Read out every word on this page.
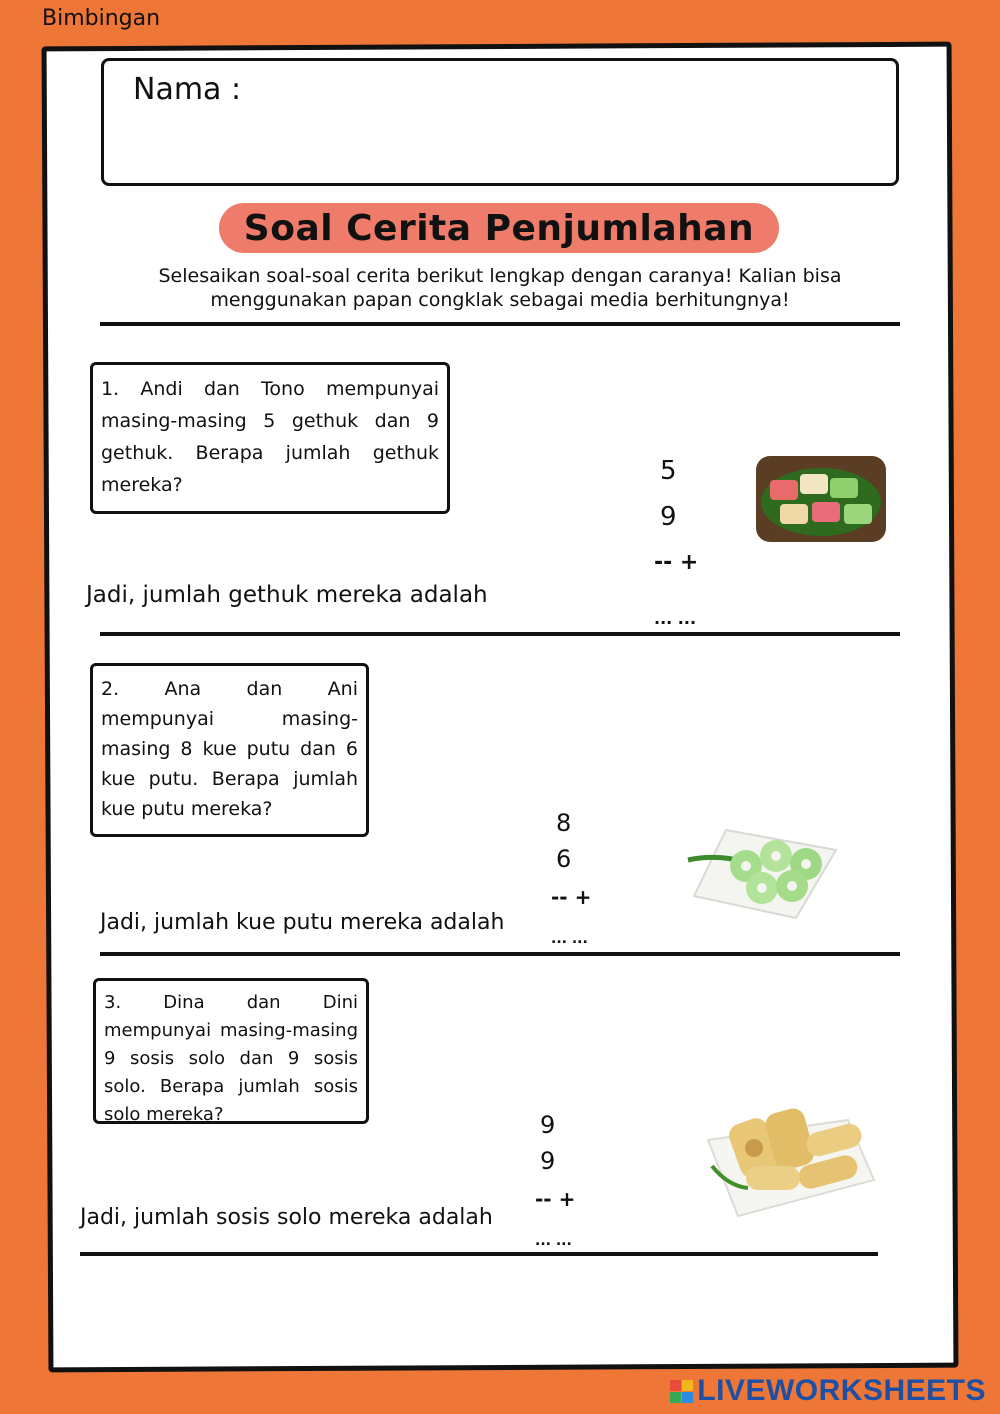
Bimbingan
Nama :
Soal Cerita Penjumlahan
Selesaikan soal-soal cerita berikut lengkap dengan caranya! Kalian bisa menggunakan papan congklak sebagai media berhitungnya!
1. Andi dan Tono mempunyai masing-masing 5 gethuk dan 9 gethuk. Berapa jumlah gethuk mereka?
Jadi, jumlah gethuk mereka adalah
5
9
-- +
... ...
2. Ana dan Ani mempunyai masing-masing 8 kue putu dan 6 kue putu. Berapa jumlah kue putu mereka?
Jadi, jumlah kue putu mereka adalah
8
6
-- +
... ...
3. Dina dan Dini mempunyai masing-masing 9 sosis solo dan 9 sosis solo. Berapa jumlah sosis solo mereka?
Jadi, jumlah sosis solo mereka adalah
9
9
-- +
... ...
LIVEWORKSHEETS
